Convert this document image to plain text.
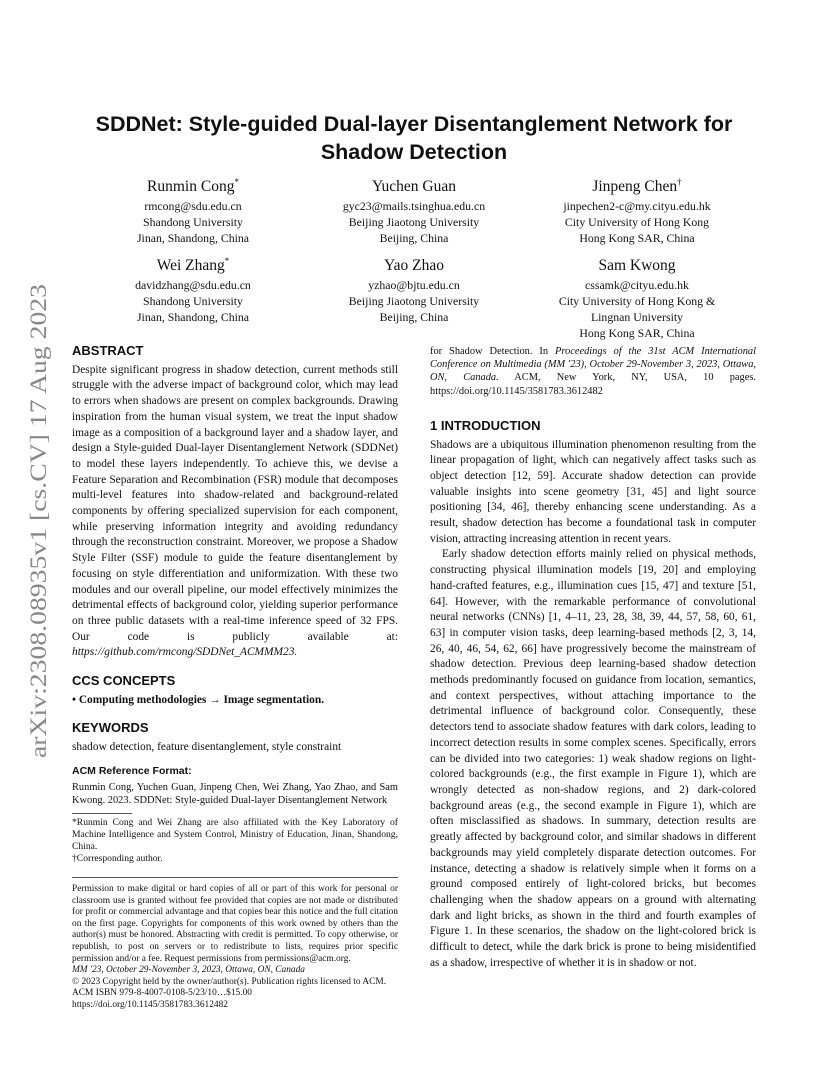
arXiv:2308.08935v1 [cs.CV] 17 Aug 2023
SDDNet: Style-guided Dual-layer Disentanglement Network for
Shadow Detection
Runmin Cong*
rmcong@sdu.edu.cn
Shandong University
Jinan, Shandong, China
Yuchen Guan
gyc23@mails.tsinghua.edu.cn
Beijing Jiaotong University
Beijing, China
Jinpeng Chen†
jinpechen2-c@my.cityu.edu.hk
City University of Hong Kong
Hong Kong SAR, China
Wei Zhang*
davidzhang@sdu.edu.cn
Shandong University
Jinan, Shandong, China
Yao Zhao
yzhao@bjtu.edu.cn
Beijing Jiaotong University
Beijing, China
Sam Kwong
cssamk@cityu.edu.hk
City University of Hong Kong &
Lingnan University
Hong Kong SAR, China
ABSTRACT

Despite significant progress in shadow detection, current methods still struggle with the adverse impact of background color, which may lead to errors when shadows are present on complex backgrounds. Drawing inspiration from the human visual system, we treat the input shadow image as a composition of a background layer and a shadow layer, and design a Style-guided Dual-layer Disentanglement Network (SDDNet) to model these layers independently. To achieve this, we devise a Feature Separation and Recombination (FSR) module that decomposes multi-level features into shadow-related and background-related components by offering specialized supervision for each component, while preserving information integrity and avoiding redundancy through the reconstruction constraint. Moreover, we propose a Shadow Style Filter (SSF) module to guide the feature disentanglement by focusing on style differentiation and uniformization. With these two modules and our overall pipeline, our model effectively minimizes the detrimental effects of background color, yielding superior performance on three public datasets with a real-time inference speed of 32 FPS. Our code is publicly available at: https://github.com/rmcong/SDDNet_ACMMM23.

CCS CONCEPTS

• Computing methodologies → Image segmentation.

KEYWORDS

shadow detection, feature disentanglement, style constraint

ACM Reference Format:

Runmin Cong, Yuchen Guan, Jinpeng Chen, Wei Zhang, Yao Zhao, and Sam Kwong. 2023. SDDNet: Style-guided Dual-layer Disentanglement Network

*Runmin Cong and Wei Zhang are also affiliated with the Key Laboratory of Machine Intelligence and System Control, Ministry of Education, Jinan, Shandong, China.

†Corresponding author.

Permission to make digital or hard copies of all or part of this work for personal or classroom use is granted without fee provided that copies are not made or distributed for profit or commercial advantage and that copies bear this notice and the full citation on the first page. Copyrights for components of this work owned by others than the author(s) must be honored. Abstracting with credit is permitted. To copy otherwise, or republish, to post on servers or to redistribute to lists, requires prior specific permission and/or a fee. Request permissions from permissions@acm.org.

MM '23, October 29-November 3, 2023, Ottawa, ON, Canada

© 2023 Copyright held by the owner/author(s). Publication rights licensed to ACM.

ACM ISBN 979-8-4007-0108-5/23/10…$15.00

https://doi.org/10.1145/3581783.3612482

for Shadow Detection. In Proceedings of the 31st ACM International Conference on Multimedia (MM '23), October 29-November 3, 2023, Ottawa, ON, Canada. ACM, New York, NY, USA, 10 pages. https://doi.org/10.1145/3581783.3612482

1 INTRODUCTION

Shadows are a ubiquitous illumination phenomenon resulting from the linear propagation of light, which can negatively affect tasks such as object detection [12, 59]. Accurate shadow detection can provide valuable insights into scene geometry [31, 45] and light source positioning [34, 46], thereby enhancing scene understanding. As a result, shadow detection has become a foundational task in computer vision, attracting increasing attention in recent years.

Early shadow detection efforts mainly relied on physical methods, constructing physical illumination models [19, 20] and employing hand-crafted features, e.g., illumination cues [15, 47] and texture [51, 64]. However, with the remarkable performance of convolutional neural networks (CNNs) [1, 4–11, 23, 28, 38, 39, 44, 57, 58, 60, 61, 63] in computer vision tasks, deep learning-based methods [2, 3, 14, 26, 40, 46, 54, 62, 66] have progressively become the mainstream of shadow detection. Previous deep learning-based shadow detection methods predominantly focused on guidance from location, semantics, and context perspectives, without attaching importance to the detrimental influence of background color. Consequently, these detectors tend to associate shadow features with dark colors, leading to incorrect detection results in some complex scenes. Specifically, errors can be divided into two categories: 1) weak shadow regions on light-colored backgrounds (e.g., the first example in Figure 1), which are wrongly detected as non-shadow regions, and 2) dark-colored background areas (e.g., the second example in Figure 1), which are often misclassified as shadows. In summary, detection results are greatly affected by background color, and similar shadows in different backgrounds may yield completely disparate detection outcomes. For instance, detecting a shadow is relatively simple when it forms on a ground composed entirely of light-colored bricks, but becomes challenging when the shadow appears on a ground with alternating dark and light bricks, as shown in the third and fourth examples of Figure 1. In these scenarios, the shadow on the light-colored brick is difficult to detect, while the dark brick is prone to being misidentified as a shadow, irrespective of whether it is in shadow or not.
